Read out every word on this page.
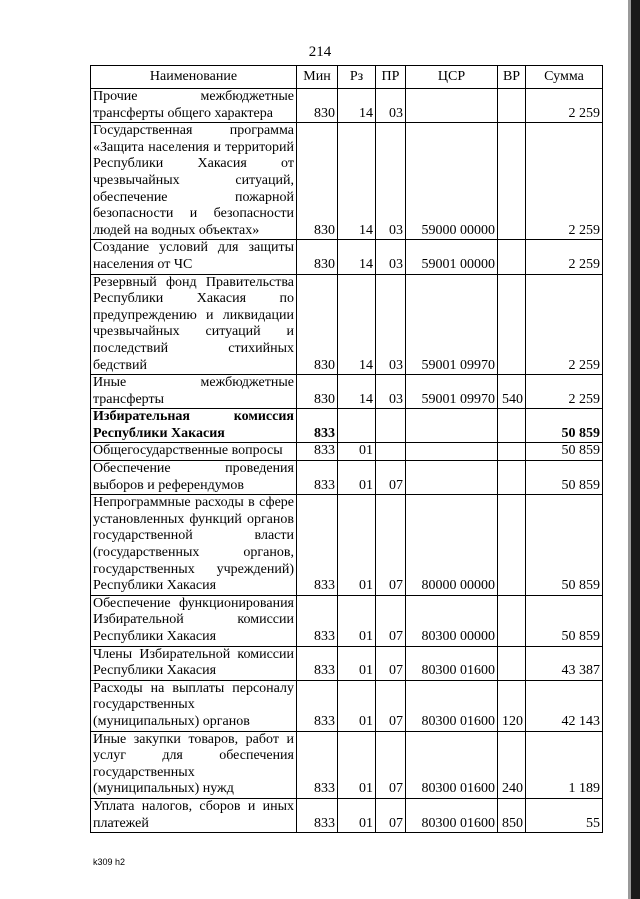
214
Наименование	Мин	Рз	ПР	ЦСР	ВР	Сумма
Прочие межбюджетные трансферты общего характера	830	14	03			2 259
Государственная программа «Защита населения и территорий Республики Хакасия от чрезвычайных ситуаций, обеспечение пожарной безопасности и безопасности людей на водных объектах»	830	14	03	59000 00000		2 259
Создание условий для защиты населения от ЧС	830	14	03	59001 00000		2 259
Резервный фонд Правительства Республики Хакасия по предупреждению и ликвидации чрезвычайных ситуаций и последствий стихийных бедствий	830	14	03	59001 09970		2 259
Иные межбюджетные трансферты	830	14	03	59001 09970	540	2 259
Избирательная комиссия Республики Хакасия	833					50 859
Общегосударственные вопросы	833	01				50 859
Обеспечение проведения выборов и референдумов	833	01	07			50 859
Непрограммные расходы в сфере установленных функций органов государственной власти (государственных органов, государственных учреждений) Республики Хакасия	833	01	07	80000 00000		50 859
Обеспечение функционирования Избирательной комиссии Республики Хакасия	833	01	07	80300 00000		50 859
Члены Избирательной комиссии Республики Хакасия	833	01	07	80300 01600		43 387
Расходы на выплаты персоналу государственных (муниципальных) органов	833	01	07	80300 01600	120	42 143
Иные закупки товаров, работ и услуг для обеспечения государственных (муниципальных) нужд	833	01	07	80300 01600	240	1 189
Уплата налогов, сборов и иных платежей	833	01	07	80300 01600	850	55
k309 h2
